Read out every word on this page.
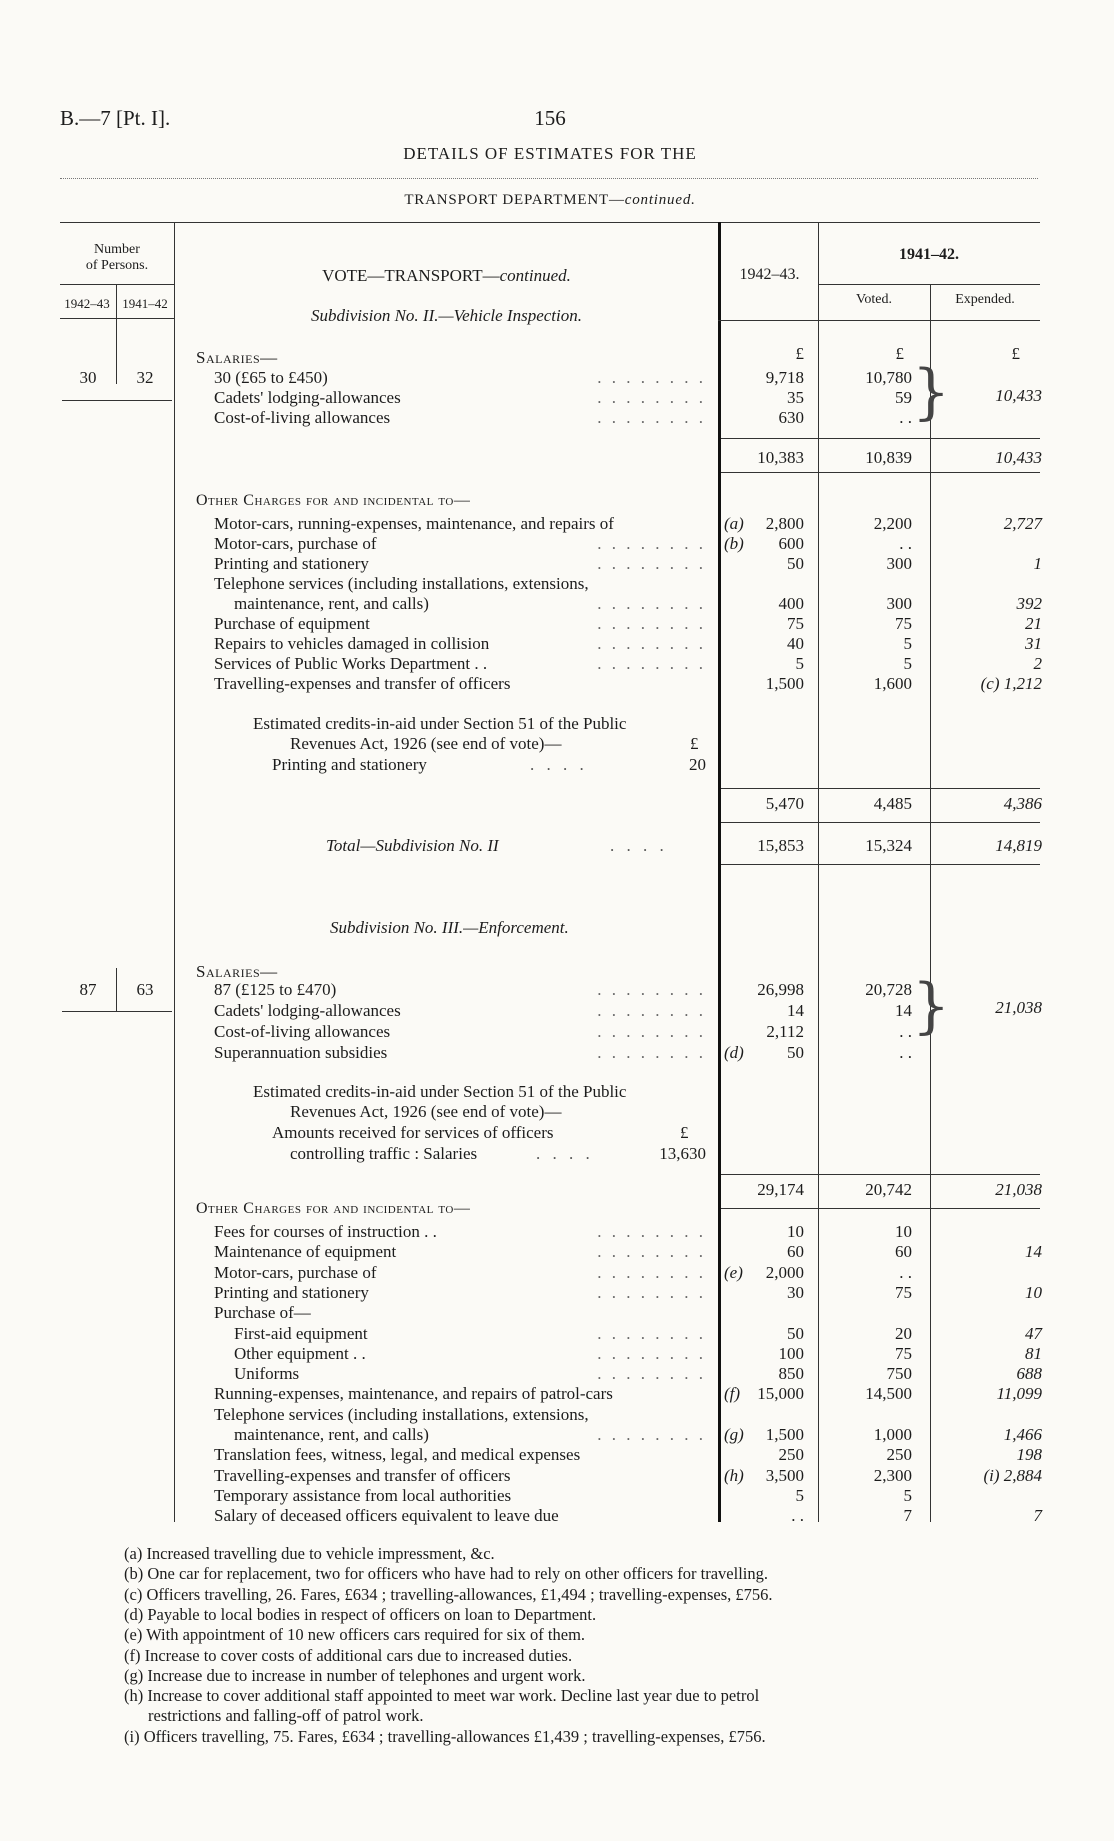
B.—7 [Pt. I].	156
DETAILS OF ESTIMATES FOR THE
TRANSPORT DEPARTMENT—continued.
Number
of Persons.
1942–43 1941–42
VOTE—TRANSPORT—continued.
Subdivision No. II.—Vehicle Inspection.
1942–43.
1941–42.
Voted.	Expended.
Salaries—
30	32
£	£	£
30 (£65 to £450)	. . . . . . . .	9,718	10,780
Cadets' lodging-allowances	. . . . . . . .	35	59
Cost-of-living allowances	. . . . . . . .	630	. . }	10,433
10,383	10,839	10,433
Other Charges for and incidental to—
Motor-cars, running-expenses, maintenance, and repairs of	(a)	2,800	2,200	2,727
Motor-cars, purchase of	. . . . . . . . (b)	600	. .
Printing and stationery	. . . . . . . .	50	300	1
Telephone services (including installations, extensions,
maintenance, rent, and calls)	. . . . . . . .	400	300	392
Purchase of equipment	. . . . . . . .	75	75	21
Repairs to vehicles damaged in collision	. . . . . . . .	40	5	31
Services of Public Works Department . .	. . . . . . . .	5	5	2
Travelling-expenses and transfer of officers	1,500	1,600	(c) 1,212
Estimated credits-in-aid under Section 51 of the Public
Revenues Act, 1926 (see end of vote)—	£
Printing and stationery	. . . .	20
5,470	4,485	4,386
Total—Subdivision No. II	. . . .	15,853	15,324	14,819
Subdivision No. III.—Enforcement.
Salaries—
87	63	87 (£125 to £470)	. . . . . . . .	26,998	20,728
Cadets' lodging-allowances	. . . . . . . .	14	14
Cost-of-living allowances	. . . . . . . .	2,112	. .
Superannuation subsidies	. . . . . . . . (d)	50	. .
}	21,038
Estimated credits-in-aid under Section 51 of the Public
Revenues Act, 1926 (see end of vote)—
Amounts received for services of officers	£
controlling traffic : Salaries	. . . .	13,630
29,174	20,742	21,038
Other Charges for and incidental to—
Fees for courses of instruction . .	. . . . . . . .	10	10
Maintenance of equipment	. . . . . . . .	60	60	14
Motor-cars, purchase of	. . . . . . . . (e)	2,000	. .
Printing and stationery	. . . . . . . .	30	75	10
Purchase of—
First-aid equipment	. . . . . . . .	50	20	47
Other equipment . .	. . . . . . . .	100	75	81
Uniforms	. . . . . . . .	850	750	688
Running-expenses, maintenance, and repairs of patrol-cars	(f)	15,000	14,500	11,099
Telephone services (including installations, extensions,
maintenance, rent, and calls)	. . . . . . . . (g)	1,500	1,000	1,466
Translation fees, witness, legal, and medical expenses	250	250	198
Travelling-expenses and transfer of officers	(h)	3,500	2,300	(i) 2,884
Temporary assistance from local authorities	5	5
Salary of deceased officers equivalent to leave due	. .	7	7
(a) Increased travelling due to vehicle impressment, &c.
(b) One car for replacement, two for officers who have had to rely on other officers for travelling.
(c) Officers travelling, 26. Fares, £634 ; travelling-allowances, £1,494 ; travelling-expenses, £756.
(d) Payable to local bodies in respect of officers on loan to Department.
(e) With appointment of 10 new officers cars required for six of them.
(f) Increase to cover costs of additional cars due to increased duties.
(g) Increase due to increase in number of telephones and urgent work.
(h) Increase to cover additional staff appointed to meet war work. Decline last year due to petrol
restrictions and falling-off of patrol work.
(i) Officers travelling, 75. Fares, £634 ; travelling-allowances £1,439 ; travelling-expenses, £756.
